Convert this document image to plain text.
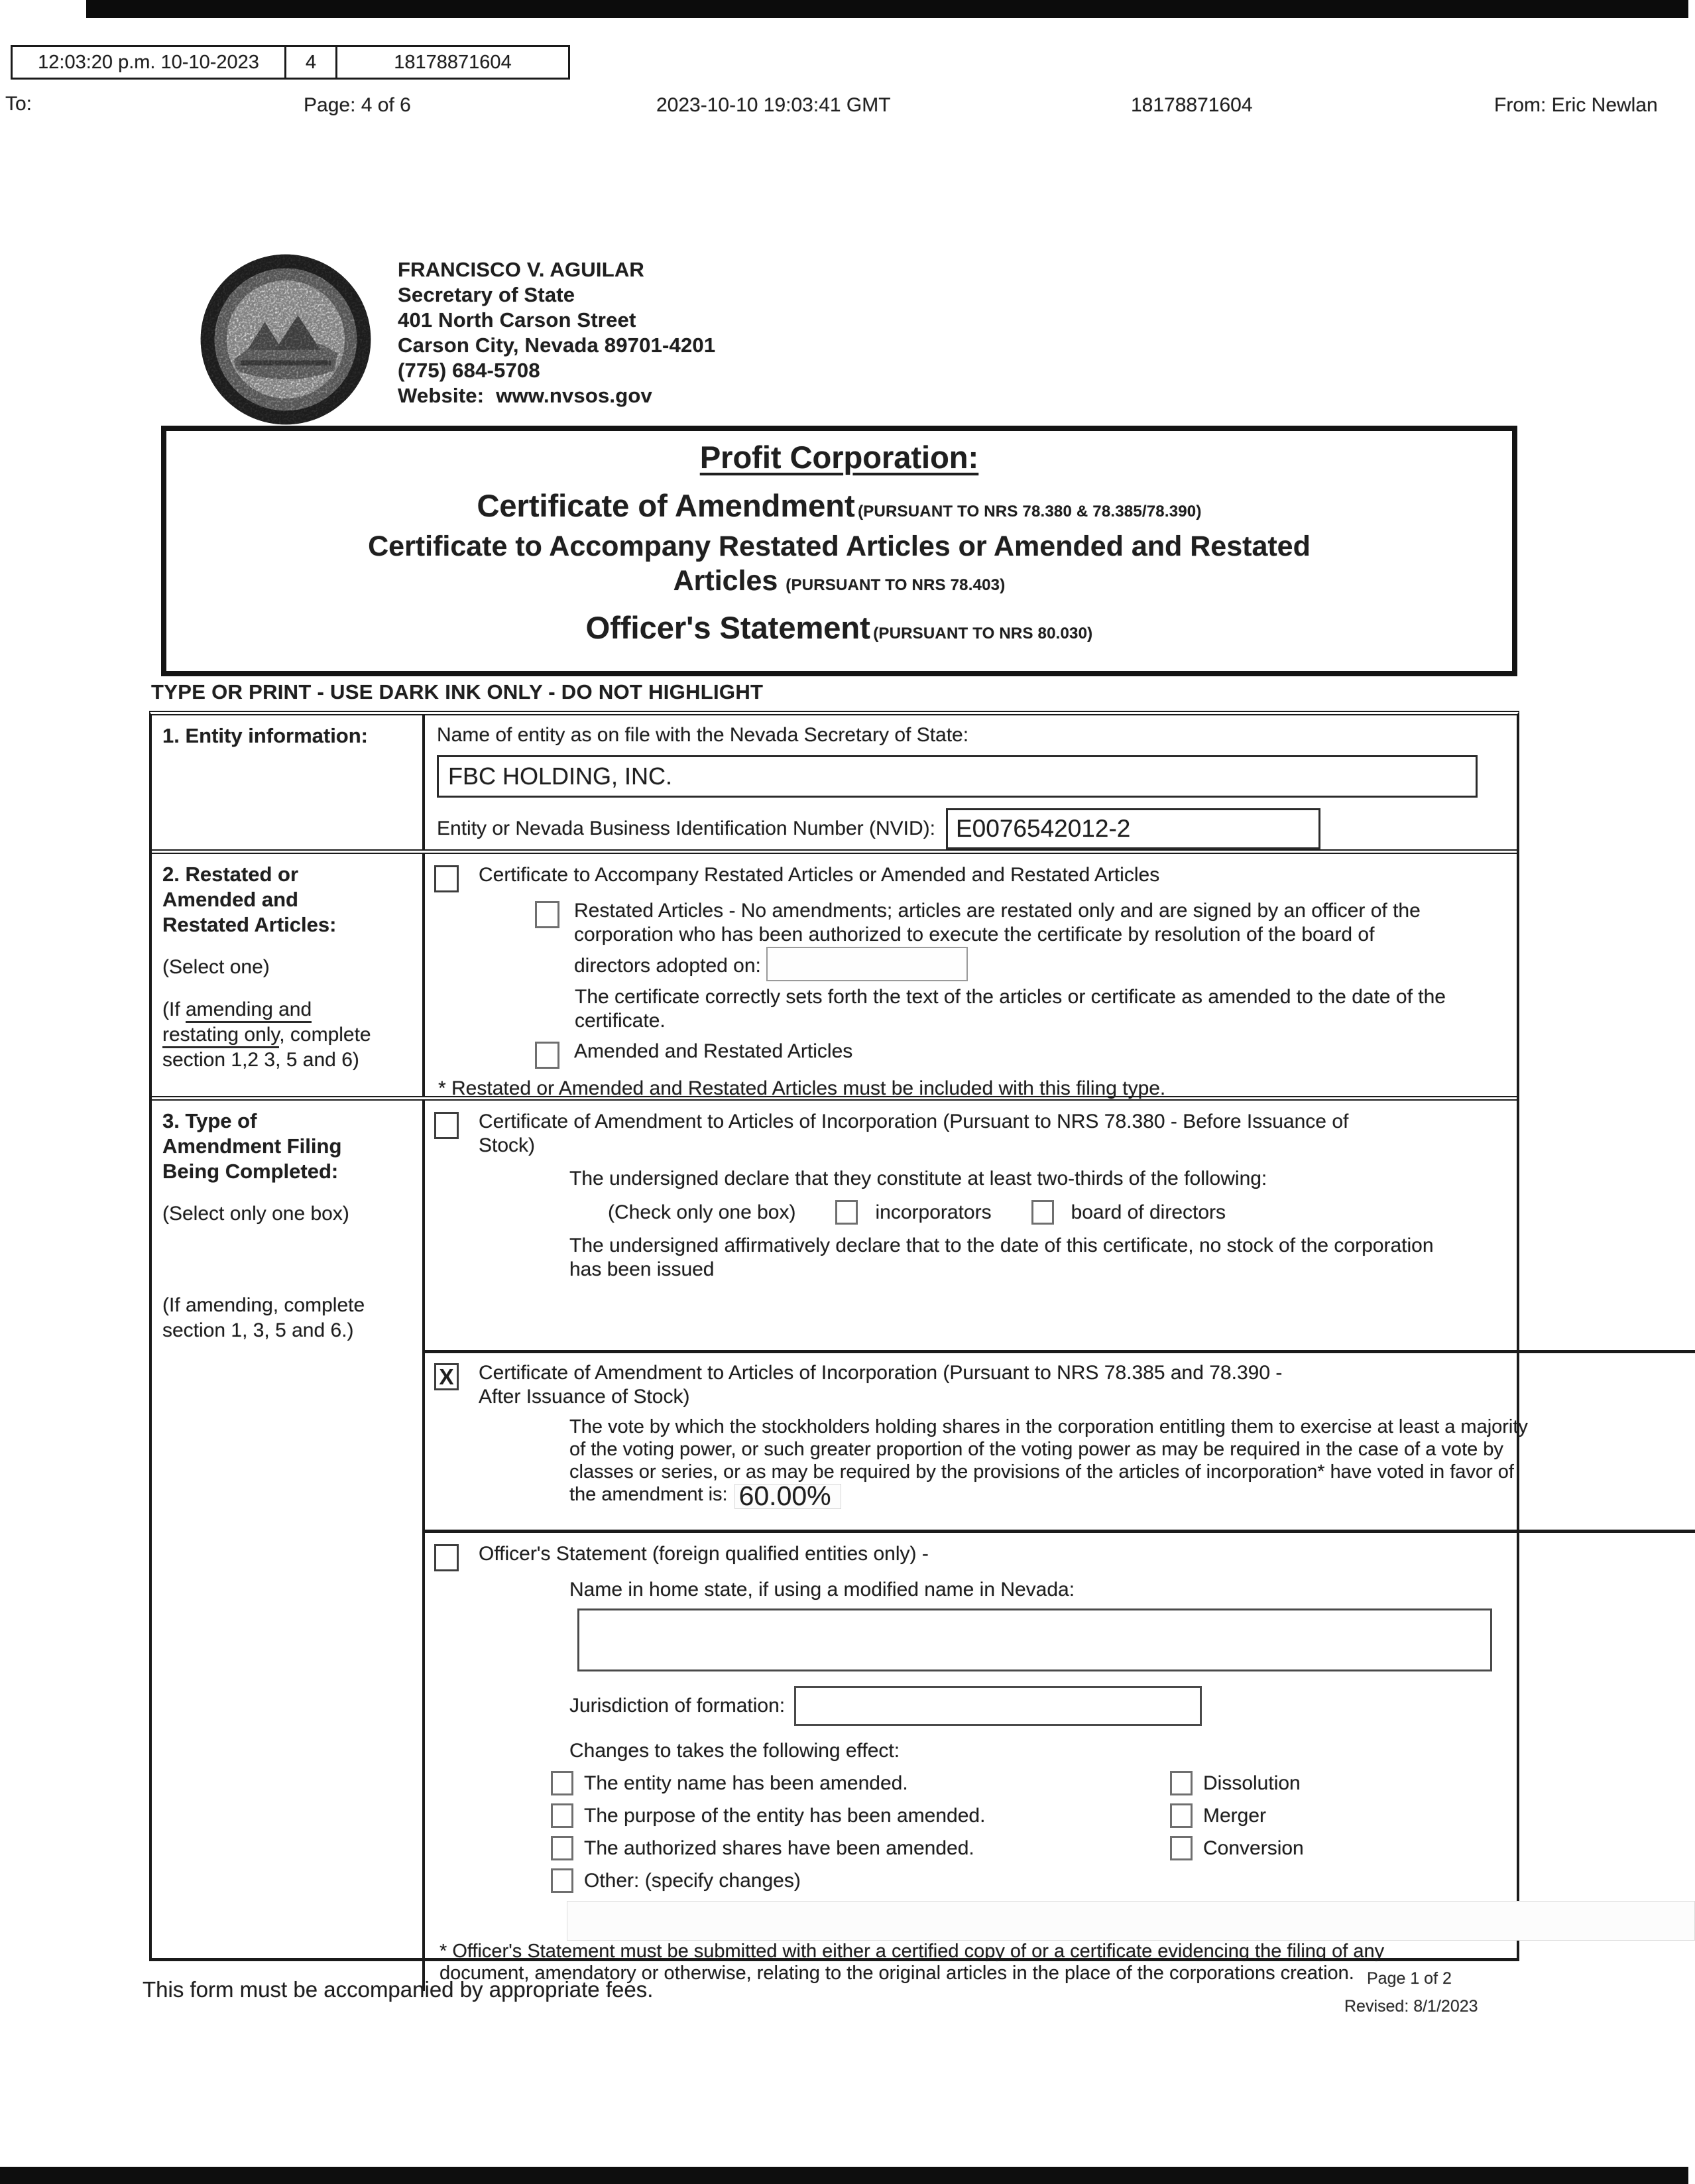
12:03:20 p.m. 10-10-2023	4	18178871604
To:	Page: 4 of 6	2023-10-10 19:03:41 GMT	18178871604	From: Eric Newlan
FRANCISCO V. AGUILAR
Secretary of State
401 North Carson Street
Carson City, Nevada 89701-4201
(775) 684-5708
Website: www.nvsos.gov
Profit Corporation:
Certificate of Amendment (PURSUANT TO NRS 78.380 & 78.385/78.390)
Certificate to Accompany Restated Articles or Amended and Restated Articles (PURSUANT TO NRS 78.403)
Officer's Statement (PURSUANT TO NRS 80.030)
TYPE OR PRINT - USE DARK INK ONLY - DO NOT HIGHLIGHT
1. Entity information:	Name of entity as on file with the Nevada Secretary of State:
FBC HOLDING, INC.
Entity or Nevada Business Identification Number (NVID): E0076542012-2
2. Restated or Amended and Restated Articles:
(Select one)
(If amending and restating only, complete section 1,2 3, 5 and 6)
Certificate to Accompany Restated Articles or Amended and Restated Articles
Restated Articles - No amendments; articles are restated only and are signed by an officer of the corporation who has been authorized to execute the certificate by resolution of the board of directors adopted on:
The certificate correctly sets forth the text of the articles or certificate as amended to the date of the certificate.
Amended and Restated Articles
* Restated or Amended and Restated Articles must be included with this filing type.
3. Type of Amendment Filing Being Completed:
(Select only one box)
(If amending, complete section 1, 3, 5 and 6.)
Certificate of Amendment to Articles of Incorporation (Pursuant to NRS 78.380 - Before Issuance of Stock)
The undersigned declare that they constitute at least two-thirds of the following:
(Check only one box)	incorporators	board of directors
The undersigned affirmatively declare that to the date of this certificate, no stock of the corporation has been issued
X Certificate of Amendment to Articles of Incorporation (Pursuant to NRS 78.385 and 78.390 - After Issuance of Stock)
The vote by which the stockholders holding shares in the corporation entitling them to exercise at least a majority of the voting power, or such greater proportion of the voting power as may be required in the case of a vote by classes or series, or as may be required by the provisions of the articles of incorporation* have voted in favor of the amendment is: 60.00%
Officer's Statement (foreign qualified entities only) -
Name in home state, if using a modified name in Nevada:
Jurisdiction of formation:
Changes to takes the following effect:
The entity name has been amended.	Dissolution
The purpose of the entity has been amended.	Merger
The authorized shares have been amended.	Conversion
Other: (specify changes)
* Officer's Statement must be submitted with either a certified copy of or a certificate evidencing the filing of any document, amendatory or otherwise, relating to the original articles in the place of the corporations creation.
This form must be accompanied by appropriate fees.	Page 1 of 2
Revised: 8/1/2023
